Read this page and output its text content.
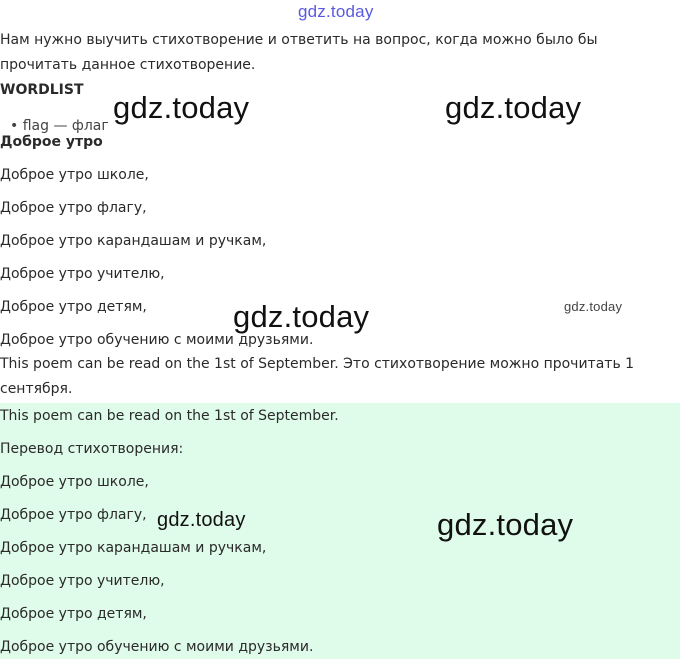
gdz.today
Нам нужно выучить стихотворение и ответить на вопрос, когда можно было бы прочитать данное стихотворение.
WORDLIST
• flag — флаг
Доброе утро
Доброе утро школе,
Доброе утро флагу,
Доброе утро карандашам и ручкам,
Доброе утро учителю,
Доброе утро детям,
Доброе утро обучению с моими друзьями.
This poem can be read on the 1st of September. Это стихотворение можно прочитать 1 сентября.
This poem can be read on the 1st of September.
Перевод стихотворения:
Доброе утро школе,
Доброе утро флагу,
Доброе утро карандашам и ручкам,
Доброе утро учителю,
Доброе утро детям,
Доброе утро обучению с моими друзьями.
gdz.today	gdz.today
gdz.today	gdz.today
gdz.today	gdz.today
